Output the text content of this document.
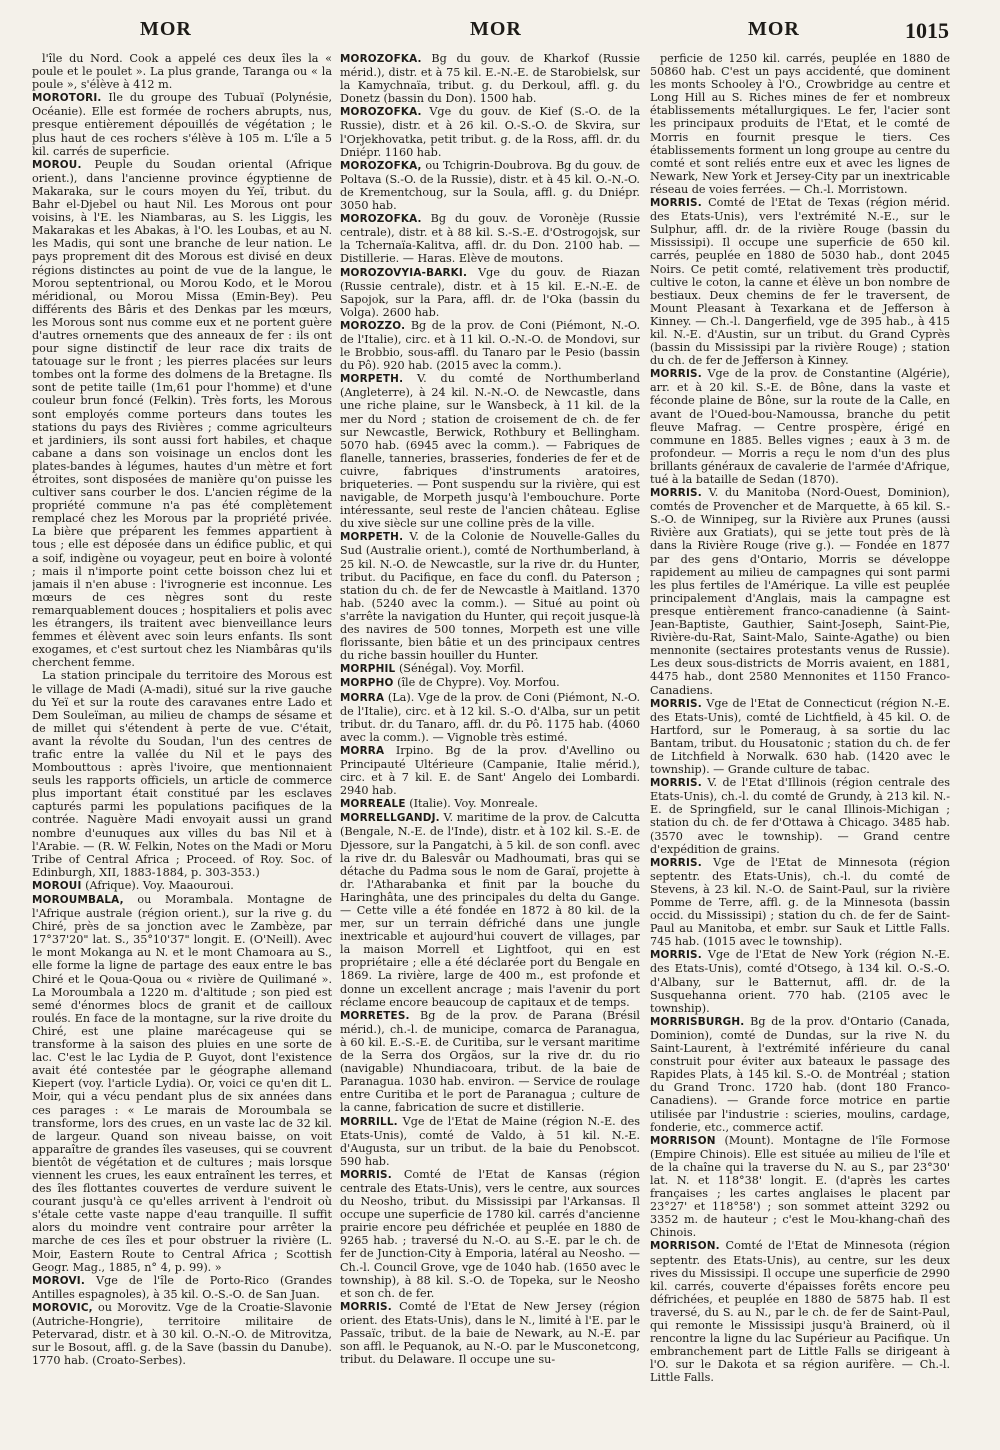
MOR	MOR	MOR	1015

l'île du Nord. Cook a appelé ces deux îles la « poule et le poulet ». La plus grande, Taranga ou « la poule », s'élève à 412 m.

MOROTORI. Ile du groupe des Tubuaï (Polynésie, Océanie). Elle est formée de rochers abrupts, nus, presque entièrement dépouillés de végétation ; le plus haut de ces rochers s'élève à 105 m. L'île a 5 kil. carrés de superficie.

MOROU. Peuple du Soudan oriental (Afrique orient.), dans l'ancienne province égyptienne de Makaraka, sur le cours moyen du Yeï, tribut. du Bahr el-Djebel ou haut Nil. Les Morous ont pour voisins, à l'E. les Niambaras, au S. les Liggis, les Makarakas et les Abakas, à l'O. les Loubas, et au N. les Madis, qui sont une branche de leur nation. Le pays proprement dit des Morous est divisé en deux régions distinctes au point de vue de la langue, le Morou septentrional, ou Morou Kodo, et le Morou méridional, ou Morou Missa (Emin-Bey). Peu différents des Bâris et des Denkas par les mœurs, les Morous sont nus comme eux et ne portent guère d'autres ornements que des anneaux de fer : ils ont pour signe distinctif de leur race dix traits de tatouage sur le front ; les pierres placées sur leurs tombes ont la forme des dolmens de la Bretagne. Ils sont de petite taille (1m,61 pour l'homme) et d'une couleur brun foncé (Felkin). Très forts, les Morous sont employés comme porteurs dans toutes les stations du pays des Rivières ; comme agriculteurs et jardiniers, ils sont aussi fort habiles, et chaque cabane a dans son voisinage un enclos dont les plates-bandes à légumes, hautes d'un mètre et fort étroites, sont disposées de manière qu'on puisse les cultiver sans courber le dos. L'ancien régime de la propriété commune n'a pas été complètement remplacé chez les Morous par la propriété privée. La bière que préparent les femmes appartient à tous ; elle est déposée dans un édifice public, et qui a soif, indigène ou voyageur, peut en boire à volonté ; mais il n'importe point cette boisson chez lui et jamais il n'en abuse : l'ivrognerie est inconnue. Les mœurs de ces nègres sont du reste remarquablement douces ; hospitaliers et polis avec les étrangers, ils traitent avec bienveillance leurs femmes et élèvent avec soin leurs enfants. Ils sont exogames, et c'est surtout chez les Niambâras qu'ils cherchent femme.

La station principale du territoire des Morous est le village de Madi (A-madi), situé sur la rive gauche du Yeï et sur la route des caravanes entre Lado et Dem Souleïman, au milieu de champs de sésame et de millet qui s'étendent à perte de vue. C'était, avant la révolte du Soudan, l'un des centres de trafic entre la vallée du Nil et le pays des Mombouttous : après l'ivoire, que mentionnaient seuls les rapports officiels, un article de commerce plus important était constitué par les esclaves capturés parmi les populations pacifiques de la contrée. Naguère Madi envoyait aussi un grand nombre d'eunuques aux villes du bas Nil et à l'Arabie. — (R. W. Felkin, Notes on the Madi or Moru Tribe of Central Africa ; Proceed. of Roy. Soc. of Edinburgh, XII, 1883-1884, p. 303-353.)

MOROUI (Afrique). Voy. Maaouroui.

MOROUMBALA, ou Morambala. Montagne de l'Afrique australe (région orient.), sur la rive g. du Chiré, près de sa jonction avec le Zambèze, par 17°37'20" lat. S., 35°10'37" longit. E. (O'Neill). Avec le mont Mokanga au N. et le mont Chamoara au S., elle forme la ligne de partage des eaux entre le bas Chiré et le Qoua-Qoua ou « rivière de Quilimané ». La Moroumbala a 1220 m. d'altitude ; son pied est semé d'énormes blocs de granit et de cailloux roulés. En face de la montagne, sur la rive droite du Chiré, est une plaine marécageuse qui se transforme à la saison des pluies en une sorte de lac. C'est le lac Lydia de P. Guyot, dont l'existence avait été contestée par le géographe allemand Kiepert (voy. l'article Lydia). Or, voici ce qu'en dit L. Moir, qui a vécu pendant plus de six années dans ces parages : « Le marais de Moroumbala se transforme, lors des crues, en un vaste lac de 32 kil. de largeur. Quand son niveau baisse, on voit apparaître de grandes îles vaseuses, qui se couvrent bientôt de végétation et de cultures ; mais lorsque viennent les crues, les eaux entraînent les terres, et des îles flottantes couvertes de verdure suivent le courant jusqu'à ce qu'elles arrivent à l'endroit où s'étale cette vaste nappe d'eau tranquille. Il suffit alors du moindre vent contraire pour arrêter la marche de ces îles et pour obstruer la rivière (L. Moir, Eastern Route to Central Africa ; Scottish Geogr. Mag., 1885, n° 4, p. 99). »

MOROVI. Vge de l'île de Porto-Rico (Grandes Antilles espagnoles), à 35 kil. O.-S.-O. de San Juan.

MOROVIC, ou Morovitz. Vge de la Croatie-Slavonie (Autriche-Hongrie), territoire militaire de Petervarad, distr. et à 30 kil. O.-N.-O. de Mitrovitza, sur le Bosout, affl. g. de la Save (bassin du Danube). 1770 hab. (Croato-Serbes).

MOROZOFKA. Bg du gouv. de Kharkof (Russie mérid.), distr. et à 75 kil. E.-N.-E. de Starobielsk, sur la Kamychnaïa, tribut. g. du Derkoul, affl. g. du Donetz (bassin du Don). 1500 hab.

MOROZOFKA. Vge du gouv. de Kief (S.-O. de la Russie), distr. et à 26 kil. O.-S.-O. de Skvira, sur l'Orjekhovatka, petit tribut. g. de la Ross, affl. dr. du Dniépr. 1160 hab.

MOROZOFKA, ou Tchigrin-Doubrova. Bg du gouv. de Poltava (S.-O. de la Russie), distr. et à 45 kil. O.-N.-O. de Krementchoug, sur la Soula, affl. g. du Dniépr. 3050 hab.

MOROZOFKA. Bg du gouv. de Voronèje (Russie centrale), distr. et à 88 kil. S.-S.-E. d'Ostrogojsk, sur la Tchernaïa-Kalitva, affl. dr. du Don. 2100 hab. — Distillerie. — Haras. Elève de moutons.

MOROZOVYIA-BARKI. Vge du gouv. de Riazan (Russie centrale), distr. et à 15 kil. E.-N.-E. de Sapojok, sur la Para, affl. dr. de l'Oka (bassin du Volga). 2600 hab.

MOROZZO. Bg de la prov. de Coni (Piémont, N.-O. de l'Italie), circ. et à 11 kil. O.-N.-O. de Mondovi, sur le Brobbio, sous-affl. du Tanaro par le Pesio (bassin du Pô). 920 hab. (2015 avec la comm.).

MORPETH. V. du comté de Northumberland (Angleterre), à 24 kil. N.-N.-O. de Newcastle, dans une riche plaine, sur le Wansbeck, à 11 kil. de la mer du Nord ; station de croisement de ch. de fer sur Newcastle, Berwick, Rothbury et Bellingham. 5070 hab. (6945 avec la comm.). — Fabriques de flanelle, tanneries, brasseries, fonderies de fer et de cuivre, fabriques d'instruments aratoires, briqueteries. — Pont suspendu sur la rivière, qui est navigable, de Morpeth jusqu'à l'embouchure. Porte intéressante, seul reste de l'ancien château. Eglise du xive siècle sur une colline près de la ville.

MORPETH. V. de la Colonie de Nouvelle-Galles du Sud (Australie orient.), comté de Northumberland, à 25 kil. N.-O. de Newcastle, sur la rive dr. du Hunter, tribut. du Pacifique, en face du confl. du Paterson ; station du ch. de fer de Newcastle à Maitland. 1370 hab. (5240 avec la comm.). — Situé au point où s'arrête la navigation du Hunter, qui reçoit jusque-là des navires de 500 tonnes, Morpeth est une ville florissante, bien bâtie et un des principaux centres du riche bassin houiller du Hunter.

MORPHIL (Sénégal). Voy. Morfil.

MORPHO (île de Chypre). Voy. Morfou.

MORRA (La). Vge de la prov. de Coni (Piémont, N.-O. de l'Italie), circ. et à 12 kil. S.-O. d'Alba, sur un petit tribut. dr. du Tanaro, affl. dr. du Pô. 1175 hab. (4060 avec la comm.). — Vignoble très estimé.

MORRA Irpino. Bg de la prov. d'Avellino ou Principauté Ultérieure (Campanie, Italie mérid.), circ. et à 7 kil. E. de Sant' Angelo dei Lombardi. 2940 hab.

MORREALE (Italie). Voy. Monreale.

MORRELLGANDJ. V. maritime de la prov. de Calcutta (Bengale, N.-E. de l'Inde), distr. et à 102 kil. S.-E. de Djessore, sur la Pangatchi, à 5 kil. de son confl. avec la rive dr. du Balesvâr ou Madhoumati, bras qui se détache du Padma sous le nom de Garaï, projette à dr. l'Atharabanka et finit par la bouche du Haringhâta, une des principales du delta du Gange. — Cette ville a été fondée en 1872 à 80 kil. de la mer, sur un terrain défriché dans une jungle inextricable et aujourd'hui couvert de villages, par la maison Morrell et Lightfoot, qui en est propriétaire ; elle a été déclarée port du Bengale en 1869. La rivière, large de 400 m., est profonde et donne un excellent ancrage ; mais l'avenir du port réclame encore beaucoup de capitaux et de temps.

MORRETES. Bg de la prov. de Parana (Brésil mérid.), ch.-l. de municipe, comarca de Paranagua, à 60 kil. E.-S.-E. de Curitiba, sur le versant maritime de la Serra dos Orgãos, sur la rive dr. du rio (navigable) Nhundiacoara, tribut. de la baie de Paranagua. 1030 hab. environ. — Service de roulage entre Curitiba et le port de Paranagua ; culture de la canne, fabrication de sucre et distillerie.

MORRILL. Vge de l'Etat de Maine (région N.-E. des Etats-Unis), comté de Valdo, à 51 kil. N.-E. d'Augusta, sur un tribut. de la baie du Penobscot. 590 hab.

MORRIS. Comté de l'Etat de Kansas (région centrale des Etats-Unis), vers le centre, aux sources du Neosho, tribut. du Mississipi par l'Arkansas. Il occupe une superficie de 1780 kil. carrés d'ancienne prairie encore peu défrichée et peuplée en 1880 de 9265 hab. ; traversé du N.-O. au S.-E. par le ch. de fer de Junction-City à Emporia, latéral au Neosho. — Ch.-l. Council Grove, vge de 1040 hab. (1650 avec le township), à 88 kil. S.-O. de Topeka, sur le Neosho et son ch. de fer.

MORRIS. Comté de l'Etat de New Jersey (région orient. des Etats-Unis), dans le N., limité à l'E. par le Passaïc, tribut. de la baie de Newark, au N.-E. par son affl. le Pequanok, au N.-O. par le Musconetcong, tribut. du Delaware. Il occupe une su-

perficie de 1250 kil. carrés, peuplée en 1880 de 50860 hab. C'est un pays accidenté, que dominent les monts Schooley à l'O., Crowbridge au centre et Long Hill au S. Riches mines de fer et nombreux établissements métallurgiques. Le fer, l'acier sont les principaux produits de l'Etat, et le comté de Morris en fournit presque le tiers. Ces établissements forment un long groupe au centre du comté et sont reliés entre eux et avec les lignes de Newark, New York et Jersey-City par un inextricable réseau de voies ferrées. — Ch.-l. Morristown.

MORRIS. Comté de l'Etat de Texas (région mérid. des Etats-Unis), vers l'extrémité N.-E., sur le Sulphur, affl. dr. de la rivière Rouge (bassin du Mississipi). Il occupe une superficie de 650 kil. carrés, peuplée en 1880 de 5030 hab., dont 2045 Noirs. Ce petit comté, relativement très productif, cultive le coton, la canne et élève un bon nombre de bestiaux. Deux chemins de fer le traversent, de Mount Pleasant à Texarkana et de Jefferson à Kinney. — Ch.-l. Dangerfield, vge de 395 hab., à 415 kil. N.-E. d'Austin, sur un tribut. du Grand Cyprès (bassin du Mississipi par la rivière Rouge) ; station du ch. de fer de Jefferson à Kinney.

MORRIS. Vge de la prov. de Constantine (Algérie), arr. et à 20 kil. S.-E. de Bône, dans la vaste et féconde plaine de Bône, sur la route de la Calle, en avant de l'Oued-bou-Namoussa, branche du petit fleuve Mafrag. — Centre prospère, érigé en commune en 1885. Belles vignes ; eaux à 3 m. de profondeur. — Morris a reçu le nom d'un des plus brillants généraux de cavalerie de l'armée d'Afrique, tué à la bataille de Sedan (1870).

MORRIS. V. du Manitoba (Nord-Ouest, Dominion), comtés de Provencher et de Marquette, à 65 kil. S.-S.-O. de Winnipeg, sur la Rivière aux Prunes (aussi Rivière aux Gratiats), qui se jette tout près de là dans la Rivière Rouge (rive g.). — Fondée en 1877 par des gens d'Ontario, Morris se développe rapidement au milieu de campagnes qui sont parmi les plus fertiles de l'Amérique. La ville est peuplée principalement d'Anglais, mais la campagne est presque entièrement franco-canadienne (à Saint-Jean-Baptiste, Gauthier, Saint-Joseph, Saint-Pie, Rivière-du-Rat, Saint-Malo, Sainte-Agathe) ou bien mennonite (sectaires protestants venus de Russie). Les deux sous-districts de Morris avaient, en 1881, 4475 hab., dont 2580 Mennonites et 1150 Franco-Canadiens.

MORRIS. Vge de l'Etat de Connecticut (région N.-E. des Etats-Unis), comté de Lichtfield, à 45 kil. O. de Hartford, sur le Pomeraug, à sa sortie du lac Bantam, tribut. du Housatonic ; station du ch. de fer de Litchfield à Norwalk. 630 hab. (1420 avec le township). — Grande culture de tabac.

MORRIS. V. de l'Etat d'Illinois (région centrale des Etats-Unis), ch.-l. du comté de Grundy, à 213 kil. N.-E. de Springfield, sur le canal Illinois-Michigan ; station du ch. de fer d'Ottawa à Chicago. 3485 hab. (3570 avec le township). — Grand centre d'expédition de grains.

MORRIS. Vge de l'Etat de Minnesota (région septentr. des Etats-Unis), ch.-l. du comté de Stevens, à 23 kil. N.-O. de Saint-Paul, sur la rivière Pomme de Terre, affl. g. de la Minnesota (bassin occid. du Mississipi) ; station du ch. de fer de Saint-Paul au Manitoba, et embr. sur Sauk et Little Falls. 745 hab. (1015 avec le township).

MORRIS. Vge de l'Etat de New York (région N.-E. des Etats-Unis), comté d'Otsego, à 134 kil. O.-S.-O. d'Albany, sur le Batternut, affl. dr. de la Susquehanna orient. 770 hab. (2105 avec le township).

MORRISBURGH. Bg de la prov. d'Ontario (Canada, Dominion), comté de Dundas, sur la rive N. du Saint-Laurent, à l'extrémité inférieure du canal construit pour éviter aux bateaux le passage des Rapides Plats, à 145 kil. S.-O. de Montréal ; station du Grand Tronc. 1720 hab. (dont 180 Franco-Canadiens). — Grande force motrice en partie utilisée par l'industrie : scieries, moulins, cardage, fonderie, etc., commerce actif.

MORRISON (Mount). Montagne de l'île Formose (Empire Chinois). Elle est située au milieu de l'île et de la chaîne qui la traverse du N. au S., par 23°30' lat. N. et 118°38' longit. E. (d'après les cartes françaises ; les cartes anglaises le placent par 23°27' et 118°58') ; son sommet atteint 3292 ou 3352 m. de hauteur ; c'est le Mou-khang-chañ des Chinois.

MORRISON. Comté de l'Etat de Minnesota (région septentr. des Etats-Unis), au centre, sur les deux rives du Mississipi. Il occupe une superficie de 2990 kil. carrés, couverte d'épaisses forêts encore peu défrichées, et peuplée en 1880 de 5875 hab. Il est traversé, du S. au N., par le ch. de fer de Saint-Paul, qui remonte le Mississipi jusqu'à Brainerd, où il rencontre la ligne du lac Supérieur au Pacifique. Un embranchement part de Little Falls se dirigeant à l'O. sur le Dakota et sa région aurifère. — Ch.-l. Little Falls.
